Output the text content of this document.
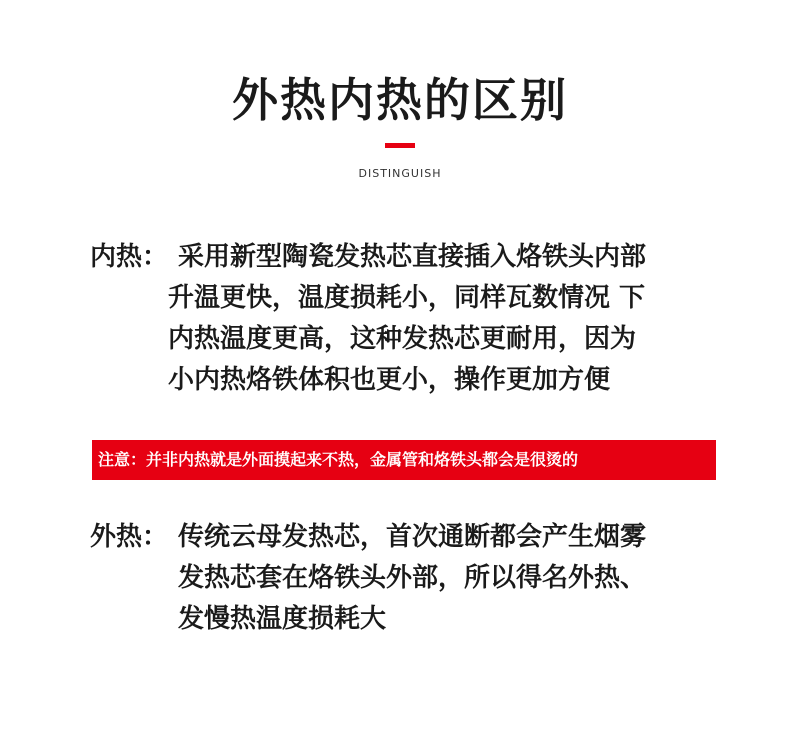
外热内热的区别
DISTINGUISH
内热： 采用新型陶瓷发热芯直接插入烙铁头内部
升温更快，温度损耗小，同样瓦数情况 下
内热温度更高，这种发热芯更耐用，因为
小内热烙铁体积也更小，操作更加方便
注意：并非内热就是外面摸起来不热，金属管和烙铁头都会是很烫的
外热： 传统云母发热芯，首次通断都会产生烟雾
发热芯套在烙铁头外部，所以得名外热、
发慢热温度损耗大
